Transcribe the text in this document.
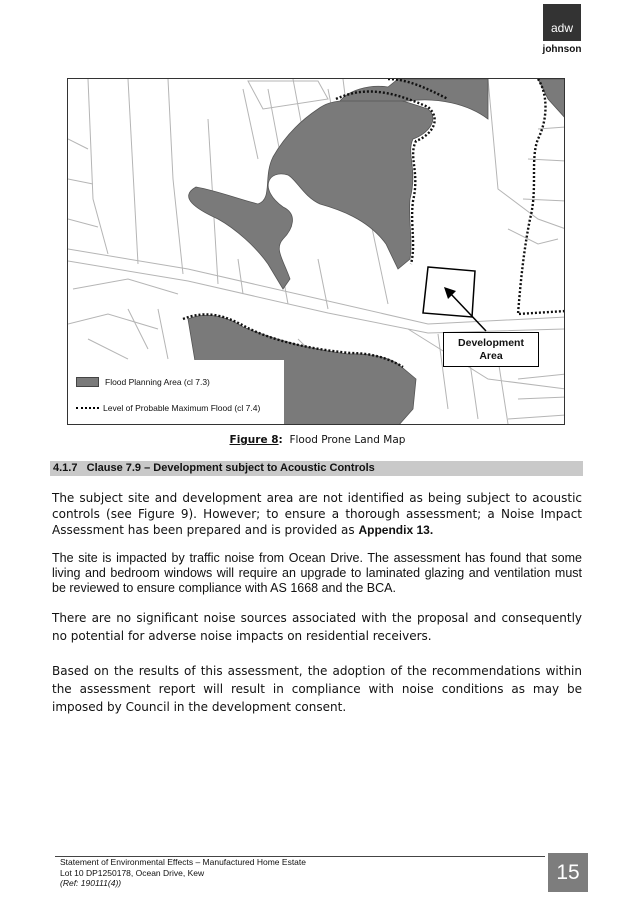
adw
johnson
Development
Area
Flood Planning Area (cl 7.3)
Level of Probable Maximum Flood (cl 7.4)
Figure 8: Flood Prone Land Map
4.1.7   Clause 7.9 – Development subject to Acoustic Controls
The subject site and development area are not identified as being subject to acoustic controls (see Figure 9). However; to ensure a thorough assessment; a Noise Impact Assessment has been prepared and is provided as Appendix 13.
The site is impacted by traffic noise from Ocean Drive. The assessment has found that some living and bedroom windows will require an upgrade to laminated glazing and ventilation must be reviewed to ensure compliance with AS 1668 and the BCA.
There are no significant noise sources associated with the proposal and consequently no potential for adverse noise impacts on residential receivers.
Based on the results of this assessment, the adoption of the recommendations within the assessment report will result in compliance with noise conditions as may be imposed by Council in the development consent.
Statement of Environmental Effects – Manufactured Home Estate
Lot 10 DP1250178, Ocean Drive, Kew
(Ref: 190111(4))	15
